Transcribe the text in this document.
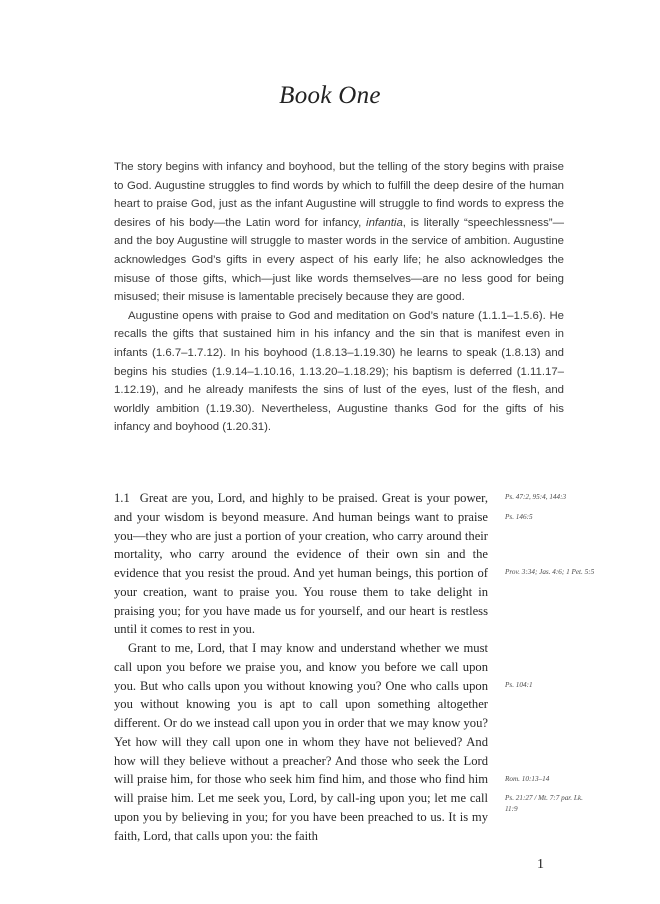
Book One

The story begins with infancy and boyhood, but the telling of the story begins with praise to God. Augustine struggles to find words by which to fulfill the deep desire of the human heart to praise God, just as the infant Augustine will struggle to find words to express the desires of his body—the Latin word for infancy, infantia, is literally “speechlessness”—and the boy Augustine will struggle to master words in the service of ambition. Augustine acknowledges God’s gifts in every aspect of his early life; he also acknowledges the misuse of those gifts, which—just like words themselves—are no less good for being misused; their misuse is lamentable precisely because they are good.

Augustine opens with praise to God and meditation on God’s nature (1.1.1–1.5.6). He recalls the gifts that sustained him in his infancy and the sin that is manifest even in infants (1.6.7–1.7.12). In his boyhood (1.8.13–1.19.30) he learns to speak (1.8.13) and begins his studies (1.9.14–1.10.16, 1.13.20–1.18.29); his baptism is deferred (1.11.17–1.12.19), and he already manifests the sins of lust of the eyes, lust of the flesh, and worldly ambition (1.19.30). Nevertheless, Augustine thanks God for the gifts of his infancy and boyhood (1.20.31).

1.1 Great are you, Lord, and highly to be praised. Great is your power, and your wisdom is beyond measure. And human beings want to praise you—they who are just a portion of your creation, who carry around their mortality, who carry around the evidence of their own sin and the evidence that you resist the proud. And yet human beings, this portion of your creation, want to praise you. You rouse them to take delight in praising you; for you have made us for yourself, and our heart is restless until it comes to rest in you.

Grant to me, Lord, that I may know and understand whether we must call upon you before we praise you, and know you before we call upon you. But who calls upon you without knowing you? One who calls upon you without knowing you is apt to call upon something altogether different. Or do we instead call upon you in order that we may know you? Yet how will they call upon one in whom they have not believed? And how will they believe without a preacher? And those who seek the Lord will praise him, for those who seek him find him, and those who find him will praise him. Let me seek you, Lord, by call-ing upon you; let me call upon you by believing in you; for you have been preached to us. It is my faith, Lord, that calls upon you: the faith

Ps. 47:2, 95:4, 144:3
Ps. 146:5
Prov. 3:34; Jas. 4:6; 1 Pet. 5:5
Ps. 104:1
Rom. 10:13–14
Ps. 21:27 / Mt. 7:7 par. Lk. 11:9
1
